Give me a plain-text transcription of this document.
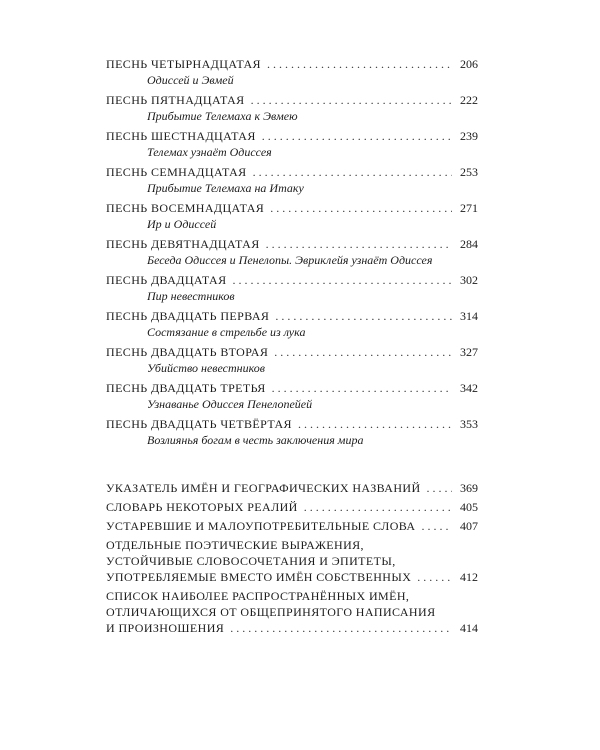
ПЕСНЬ ЧЕТЫРНАДЦАТАЯ . . .	206
Одиссей и Эвмей
ПЕСНЬ ПЯТНАДЦАТАЯ . . .	222
Прибытие Телемаха к Эвмею
ПЕСНЬ ШЕСТНАДЦАТАЯ . . .	239
Телемах узнаёт Одиссея
ПЕСНЬ СЕМНАДЦАТАЯ . . .	253
Прибытие Телемаха на Итаку
ПЕСНЬ ВОСЕМНАДЦАТАЯ . . .	271
Ир и Одиссей
ПЕСНЬ ДЕВЯТНАДЦАТАЯ . . .	284
Беседа Одиссея и Пенелопы. Эвриклейя узнаёт Одиссея
ПЕСНЬ ДВАДЦАТАЯ . . .	302
Пир невестников
ПЕСНЬ ДВАДЦАТЬ ПЕРВАЯ . . .	314
Состязание в стрельбе из лука
ПЕСНЬ ДВАДЦАТЬ ВТОРАЯ . . .	327
Убийство невестников
ПЕСНЬ ДВАДЦАТЬ ТРЕТЬЯ . . .	342
Узнаванье Одиссея Пенелопейей
ПЕСНЬ ДВАДЦАТЬ ЧЕТВЁРТАЯ . . .	353
Возлиянья богам в честь заключения мира
УКАЗАТЕЛЬ ИМЁН И ГЕОГРАФИЧЕСКИХ НАЗВАНИЙ . . .	369
СЛОВАРЬ НЕКОТОРЫХ РЕАЛИЙ . . .	405
УСТАРЕВШИЕ И МАЛОУПОТРЕБИТЕЛЬНЫЕ СЛОВА . . .	407
ОТДЕЛЬНЫЕ ПОЭТИЧЕСКИЕ ВЫРАЖЕНИЯ,
УСТОЙЧИВЫЕ СЛОВОСОЧЕТАНИЯ И ЭПИТЕТЫ,
УПОТРЕБЛЯЕМЫЕ ВМЕСТО ИМЁН СОБСТВЕННЫХ . . .	412
СПИСОК НАИБОЛЕЕ РАСПРОСТРАНЁННЫХ ИМЁН,
ОТЛИЧАЮЩИХСЯ ОТ ОБЩЕПРИНЯТОГО НАПИСАНИЯ
И ПРОИЗНОШЕНИЯ . . .	414
